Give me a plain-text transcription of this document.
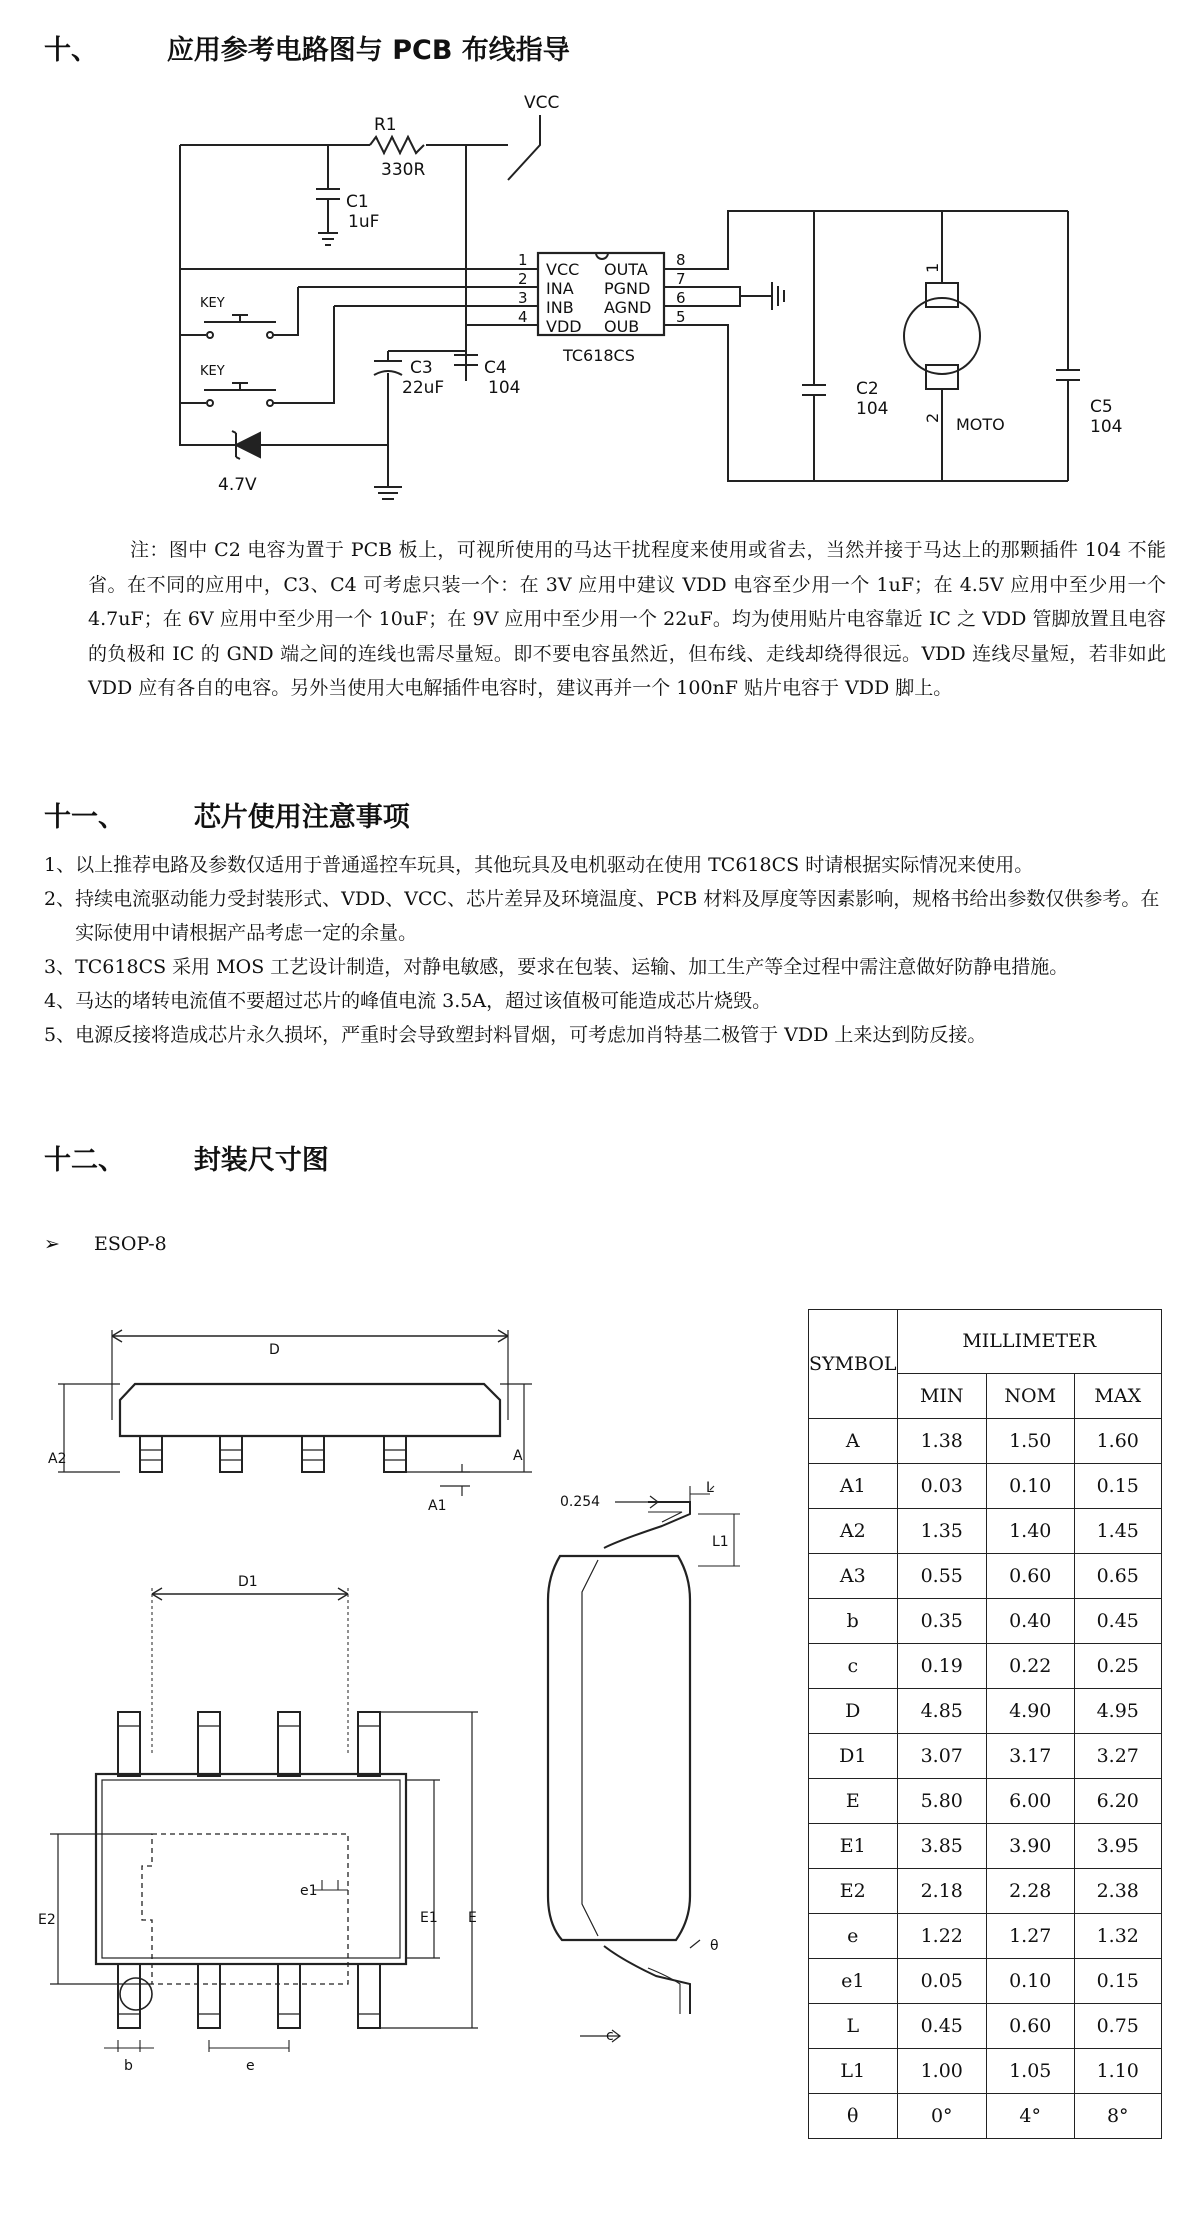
十、	应用参考电路图与 PCB 布线指导
VCC
R1
330R
C1
1uF
VCC
INA
INB
VDD
OUTA
PGND
AGND
OUB
TC618CS
1
2
3
4
8
7
6
5
KEY
KEY	C3
22uF
C4
104
4.7V
C2
104
1
2 MOTO
C5
104

注：图中 C2 电容为置于 PCB 板上，可视所使用的马达干扰程度来使用或省去，当然并接于马达上的那颗插件 104 不能省。在不同的应用中，C3、C4 可考虑只装一个：在 3V 应用中建议 VDD 电容至少用一个 1uF；在 4.5V 应用中至少用一个 4.7uF；在 6V 应用中至少用一个 10uF；在 9V 应用中至少用一个 22uF。均为使用贴片电容靠近 IC 之 VDD 管脚放置且电容的负极和 IC 的 GND 端之间的连线也需尽量短。即不要电容虽然近，但布线、走线却绕得很远。VDD 连线尽量短，若非如此 VDD 应有各自的电容。另外当使用大电解插件电容时，建议再并一个 100nF 贴片电容于 VDD 脚上。

十一、	芯片使用注意事项
1、 以上推荐电路及参数仅适用于普通遥控车玩具，其他玩具及电机驱动在使用 TC618CS 时请根据实际情况来使用。
2、 持续电流驱动能力受封装形式、VDD、VCC、芯片差异及环境温度、PCB 材料及厚度等因素影响，规格书给出参数仅供参考。在实际使用中请根据产品考虑一定的余量。
3、 TC618CS 采用 MOS 工艺设计制造，对静电敏感，要求在包装、运输、加工生产等全过程中需注意做好防静电措施。
4、 马达的堵转电流值不要超过芯片的峰值电流 3.5A，超过该值极可能造成芯片烧毁。
5、 电源反接将造成芯片永久损坏，严重时会导致塑封料冒烟，可考虑加肖特基二极管于 VDD 上来达到防反接。
十二、	封装尺寸图
➢ ESOP-8
D
A2	A
A1
D1
e1
E2	E1 E
b	e
0.254
L
L1
θ
c
SYMBOL	MILLIMETER		
	MIN	NOM	MAX
A	1.38	1.50	1.60
A1	0.03	0.10	0.15
A2	1.35	1.40	1.45
A3	0.55	0.60	0.65
b	0.35	0.40	0.45
c	0.19	0.22	0.25
D	4.85	4.90	4.95
D1	3.07	3.17	3.27
E	5.80	6.00	6.20
E1	3.85	3.90	3.95
E2	2.18	2.28	2.38
e	1.22	1.27	1.32
e1	0.05	0.10	0.15
L	0.45	0.60	0.75
L1	1.00	1.05	1.10
θ	0°	4°	8°
